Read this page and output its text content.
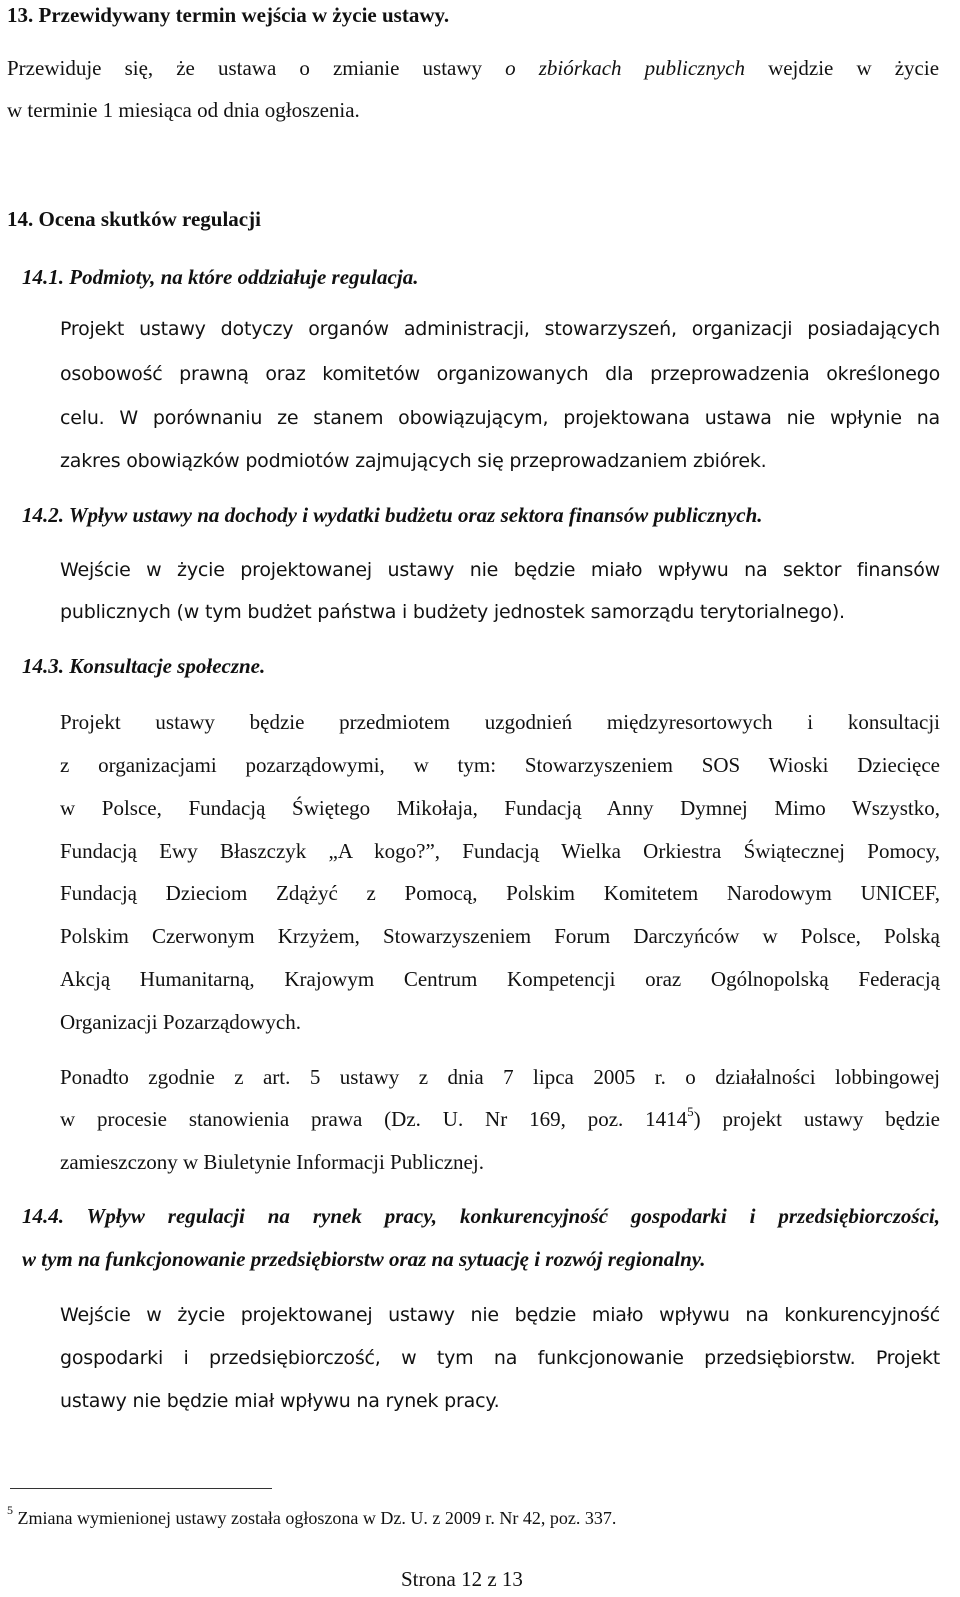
13. Przewidywany termin wejścia w życie ustawy.
Przewiduje się, że ustawa o zmianie ustawy o zbiórkach publicznych wejdzie w życie
w terminie 1 miesiąca od dnia ogłoszenia.
14. Ocena skutków regulacji
14.1. Podmioty, na które oddziałuje regulacja.
Projekt ustawy dotyczy organów administracji, stowarzyszeń, organizacji posiadających
osobowość prawną oraz komitetów organizowanych dla przeprowadzenia określonego
celu. W porównaniu ze stanem obowiązującym, projektowana ustawa nie wpłynie na
zakres obowiązków podmiotów zajmujących się przeprowadzaniem zbiórek.
14.2. Wpływ ustawy na dochody i wydatki budżetu oraz sektora finansów publicznych.
Wejście w życie projektowanej ustawy nie będzie miało wpływu na sektor finansów
publicznych (w tym budżet państwa i budżety jednostek samorządu terytorialnego).
14.3. Konsultacje społeczne.
Projekt ustawy będzie przedmiotem uzgodnień międzyresortowych i konsultacji
z organizacjami pozarządowymi, w tym: Stowarzyszeniem SOS Wioski Dziecięce
w Polsce, Fundacją Świętego Mikołaja, Fundacją Anny Dymnej Mimo Wszystko,
Fundacją Ewy Błaszczyk „A kogo?”, Fundacją Wielka Orkiestra Świątecznej Pomocy,
Fundacją Dzieciom Zdążyć z Pomocą, Polskim Komitetem Narodowym UNICEF,
Polskim Czerwonym Krzyżem, Stowarzyszeniem Forum Darczyńców w Polsce, Polską
Akcją Humanitarną, Krajowym Centrum Kompetencji oraz Ogólnopolską Federacją
Organizacji Pozarządowych.
Ponadto zgodnie z art. 5 ustawy z dnia 7 lipca 2005 r. o działalności lobbingowej
w procesie stanowienia prawa (Dz. U. Nr 169, poz. 1414$^5$) projekt ustawy będzie
zamieszczony w Biuletynie Informacji Publicznej.
14.4. Wpływ regulacji na rynek pracy, konkurencyjność gospodarki i przedsiębiorczości,
w tym na funkcjonowanie przedsiębiorstw oraz na sytuację i rozwój regionalny.
Wejście w życie projektowanej ustawy nie będzie miało wpływu na konkurencyjność
gospodarki i przedsiębiorczość, w tym na funkcjonowanie przedsiębiorstw. Projekt
ustawy nie będzie miał wpływu na rynek pracy.
$^5$ Zmiana wymienionej ustawy została ogłoszona w Dz. U. z 2009 r. Nr 42, poz. 337.
Strona 12 z 13
